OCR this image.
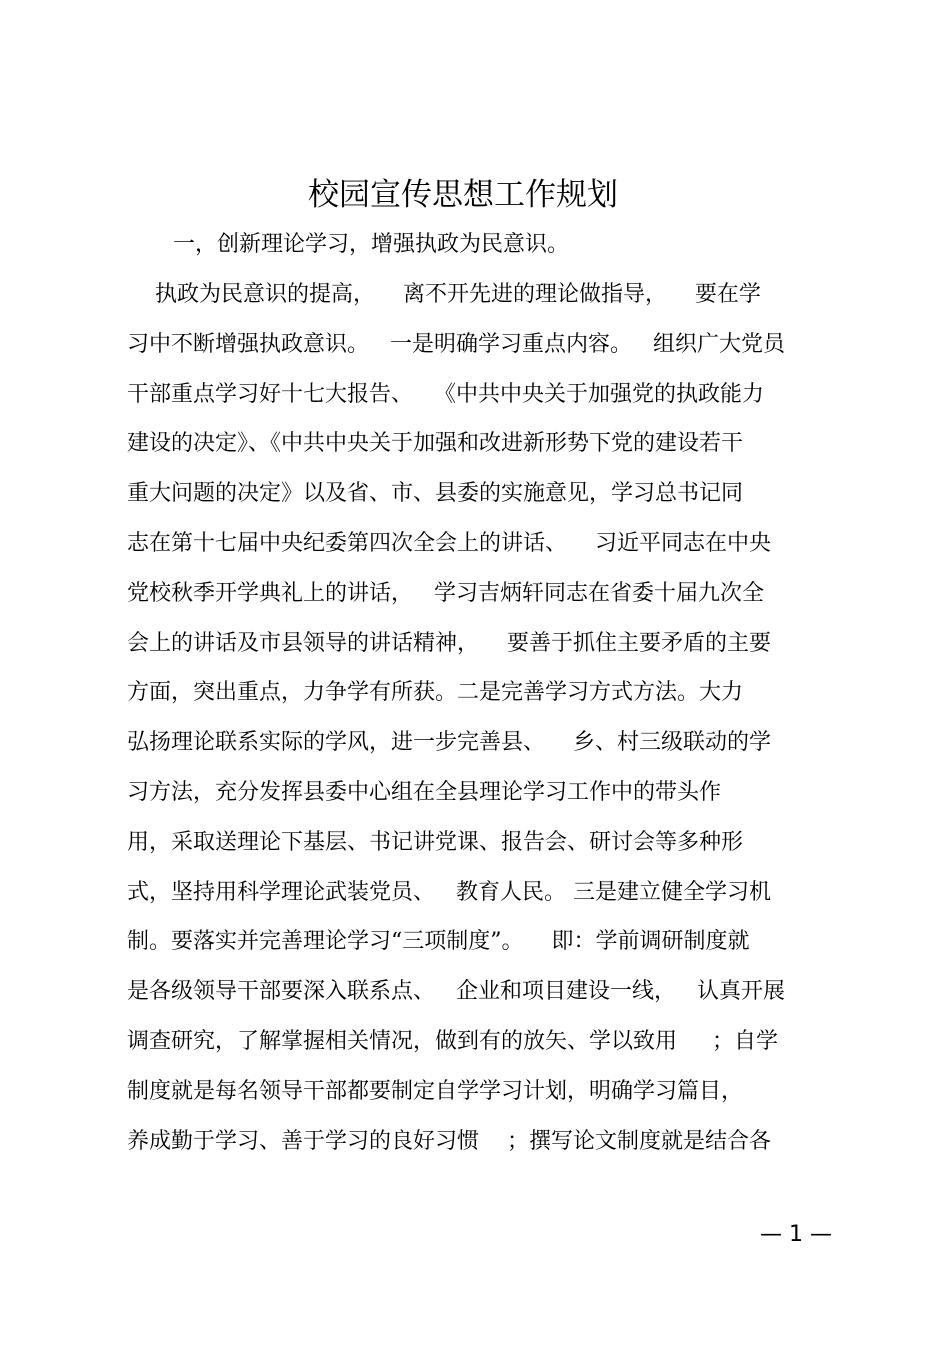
校园宣传思想工作规划
一，创新理论学习，增强执政为民意识。
执政为民意识的提高，    离不开先进的理论做指导，    要在学
习中不断增强执政意识。   一是明确学习重点内容。   组织广大党员
干部重点学习好十七大报告、   《中共中央关于加强党的执政能力
建设的决定》、《中共中央关于加强和改进新形势下党的建设若干
重大问题的决定》以及省、市、县委的实施意见，学习总书记同
志在第十七届中央纪委第四次全会上的讲话、    习近平同志在中央
党校秋季开学典礼上的讲话，   学习吉炳轩同志在省委十届九次全
会上的讲话及市县领导的讲话精神，    要善于抓住主要矛盾的主要
方面，突出重点，力争学有所获。二是完善学习方式方法。大力
弘扬理论联系实际的学风，进一步完善县、    乡、村三级联动的学
习方法，充分发挥县委中心组在全县理论学习工作中的带头作
用，采取送理论下基层、书记讲党课、报告会、研讨会等多种形
式，坚持用科学理论武装党员、   教育人民。 三是建立健全学习机
制。要落实并完善理论学习“三项制度”。    即：学前调研制度就
是各级领导干部要深入联系点、   企业和项目建设一线，   认真开展
调查研究，了解掌握相关情况，做到有的放矢、学以致用     ；自学
制度就是每名领导干部都要制定自学学习计划，明确学习篇目，
养成勤于学习、善于学习的良好习惯    ；撰写论文制度就是结合各
— 1 —
